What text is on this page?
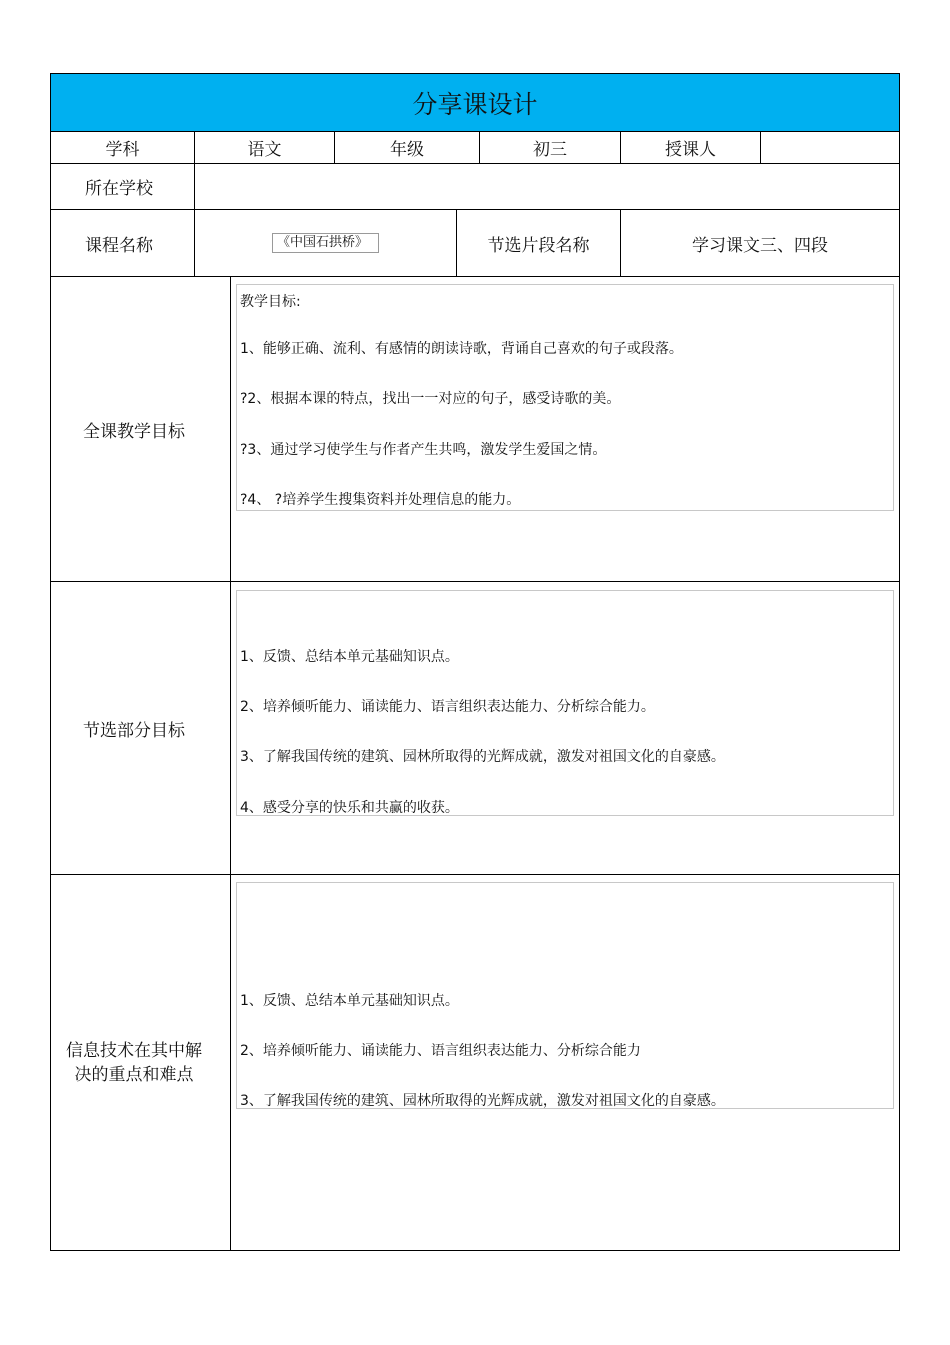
分享课设计
学科	语文	年级	初三	授课人
所在学校
课程名称	《中国石拱桥》	节选片段名称	学习课文三、四段
全课教学目标
教学目标:
1、能够正确、流利、有感情的朗读诗歌，背诵自己喜欢的句子或段落。
?2、根据本课的特点，找出一一对应的句子，感受诗歌的美。
?3、通过学习使学生与作者产生共鸣，激发学生爱国之情。
?4、 ?培养学生搜集资料并处理信息的能力。
节选部分目标
1、反馈、总结本单元基础知识点。
2、培养倾听能力、诵读能力、语言组织表达能力、分析综合能力。
3、了解我国传统的建筑、园林所取得的光辉成就，激发对祖国文化的自豪感。
4、感受分享的快乐和共赢的收获。
信息技术在其中解
决的重点和难点
1、反馈、总结本单元基础知识点。
2、培养倾听能力、诵读能力、语言组织表达能力、分析综合能力
3、了解我国传统的建筑、园林所取得的光辉成就，激发对祖国文化的自豪感。
